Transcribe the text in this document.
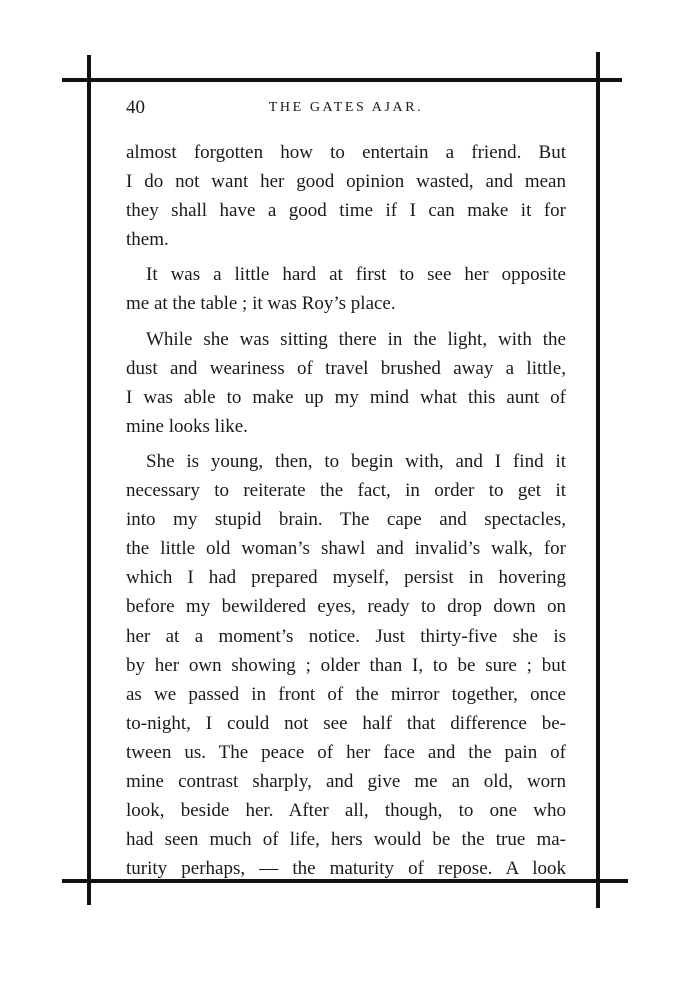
40	THE GATES AJAR.
almost forgotten how to entertain a friend. But
I do not want her good opinion wasted, and mean
they shall have a good time if I can make it for
them.
It was a little hard at first to see her opposite
me at the table ; it was Roy’s place.
While she was sitting there in the light, with the
dust and weariness of travel brushed away a little,
I was able to make up my mind what this aunt of
mine looks like.
She is young, then, to begin with, and I find it
necessary to reiterate the fact, in order to get it
into my stupid brain. The cape and spectacles,
the little old woman’s shawl and invalid’s walk, for
which I had prepared myself, persist in hovering
before my bewildered eyes, ready to drop down on
her at a moment’s notice. Just thirty-five she is
by her own showing ; older than I, to be sure ; but
as we passed in front of the mirror together, once
to-night, I could not see half that difference be-
tween us. The peace of her face and the pain of
mine contrast sharply, and give me an old, worn
look, beside her. After all, though, to one who
had seen much of life, hers would be the true ma-
turity perhaps, — the maturity of repose. A look
